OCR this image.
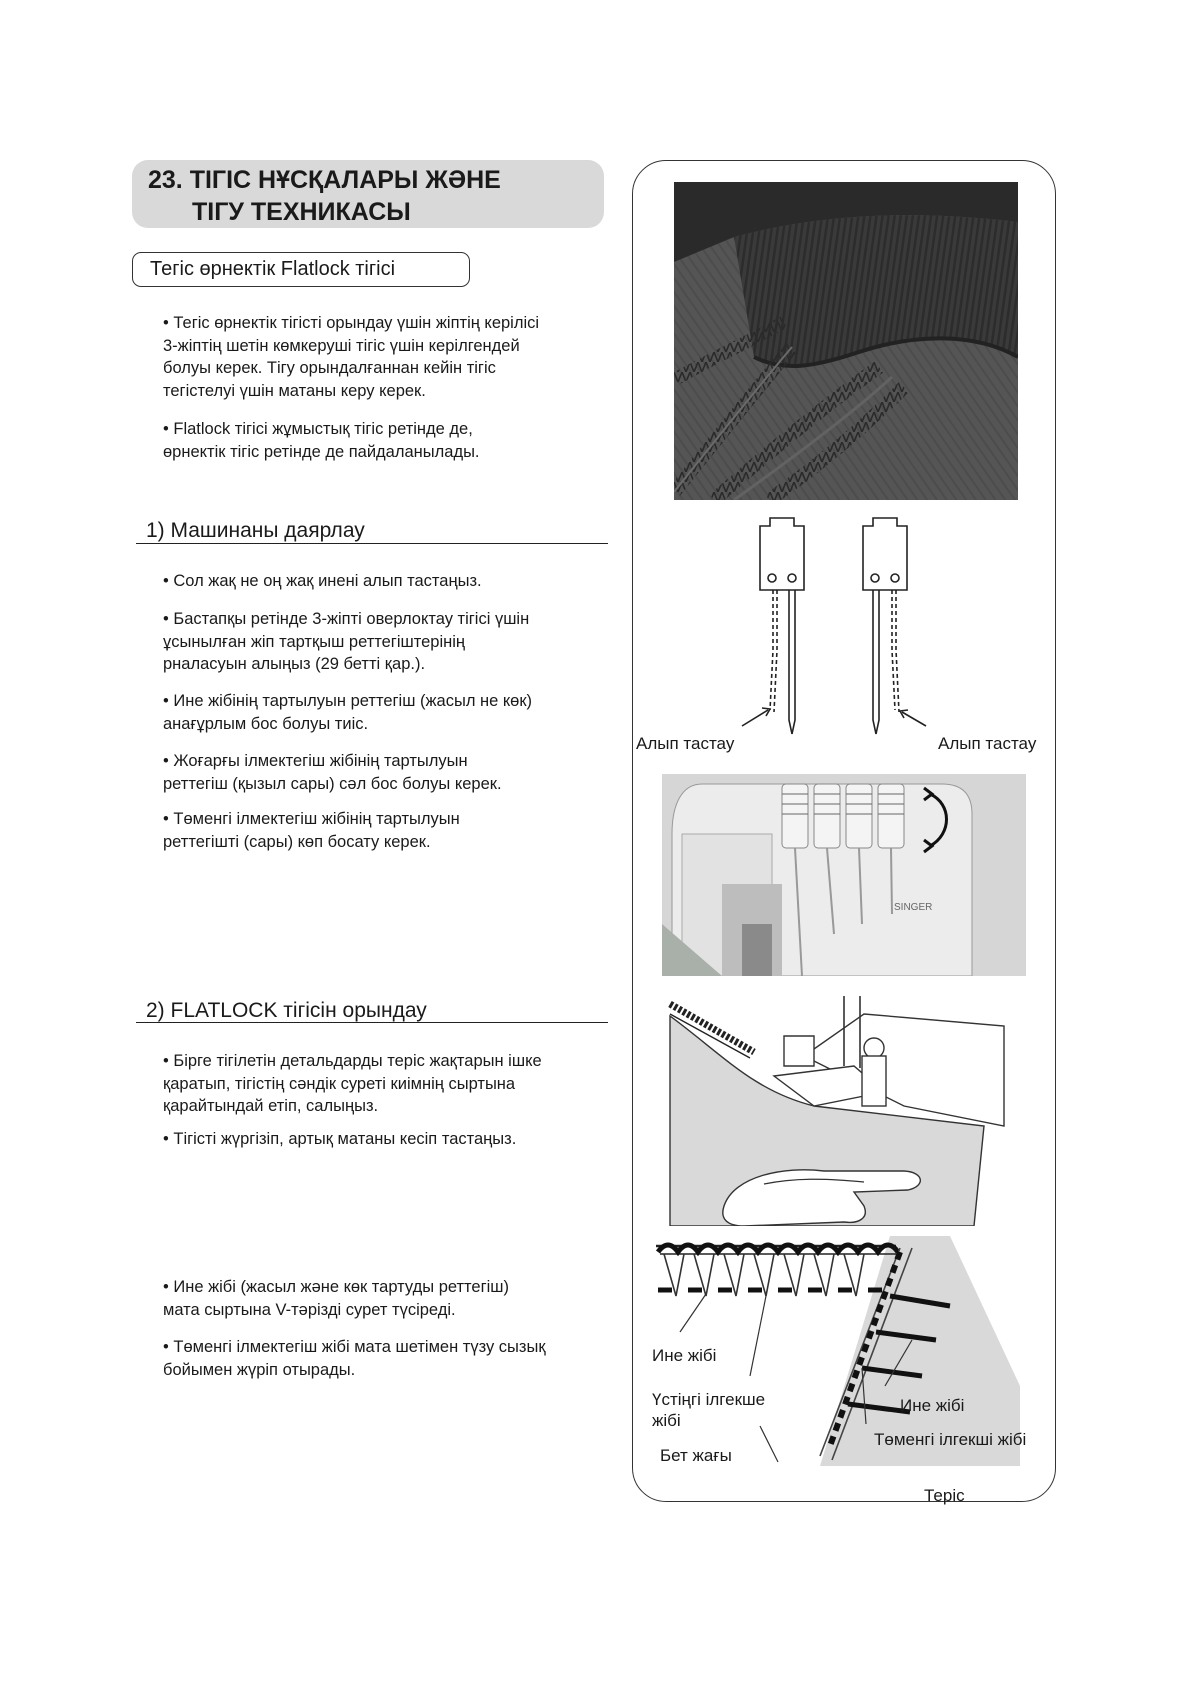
23. ТІГІС НҰСҚАЛАРЫ ЖӘНЕ
ТІГУ ТЕХНИКАСЫ
Тегіс өрнектік Flatlock тігісі
• Тегіс өрнектік тігісті орындау үшін жіптің керілісі
3-жіптің шетін көмкеруші тігіс үшін керілгендей
болуы керек. Тігу орындалғаннан кейін тігіс
тегістелуі үшін матаны керу керек.
• Flatlock тігісі жұмыстық тігіс ретінде де,
өрнектік тігіс ретінде де пайдаланылады.
1) Машинаны даярлау
• Сол жақ не оң жақ инені алып тастаңыз.
• Бастапқы ретінде 3-жіпті оверлоктау тігісі үшін
ұсынылған жіп тартқыш реттегіштерінің
рналасуын алыңыз (29 бетті қар.).
• Ине жібінің тартылуын реттегіш (жасыл не көк)
анағұрлым бос болуы тиіс.
• Жоғарғы ілмектегіш жібінің тартылуын
реттегіш (қызыл сары) сәл бос болуы керек.
• Төменгі ілмектегіш жібінің тартылуын
реттегішті (сары) көп босату керек.
2) FLATLOCK тігісін орындау
• Бірге тігілетін детальдарды теріс жақтарын ішке
қаратып, тігістің сәндік суреті киімнің сыртына
қарайтындай етіп, салыңыз.
• Тігісті жүргізіп, артық матаны кесіп тастаңыз.
• Ине жібі (жасыл және көк тартуды реттегіш)
мата сыртына V-тәрізді сурет түсіреді.
• Төменгі ілмектегіш жібі мата шетімен түзу сызық
бойымен жүріп отырады.
Алып тастау	Алып тастау
SINGER
Ине жібі
Үстіңгі ілгекше
жібі
Бет жағы
Ине жібі
Төменгі ілгекші жібі
Теріс
